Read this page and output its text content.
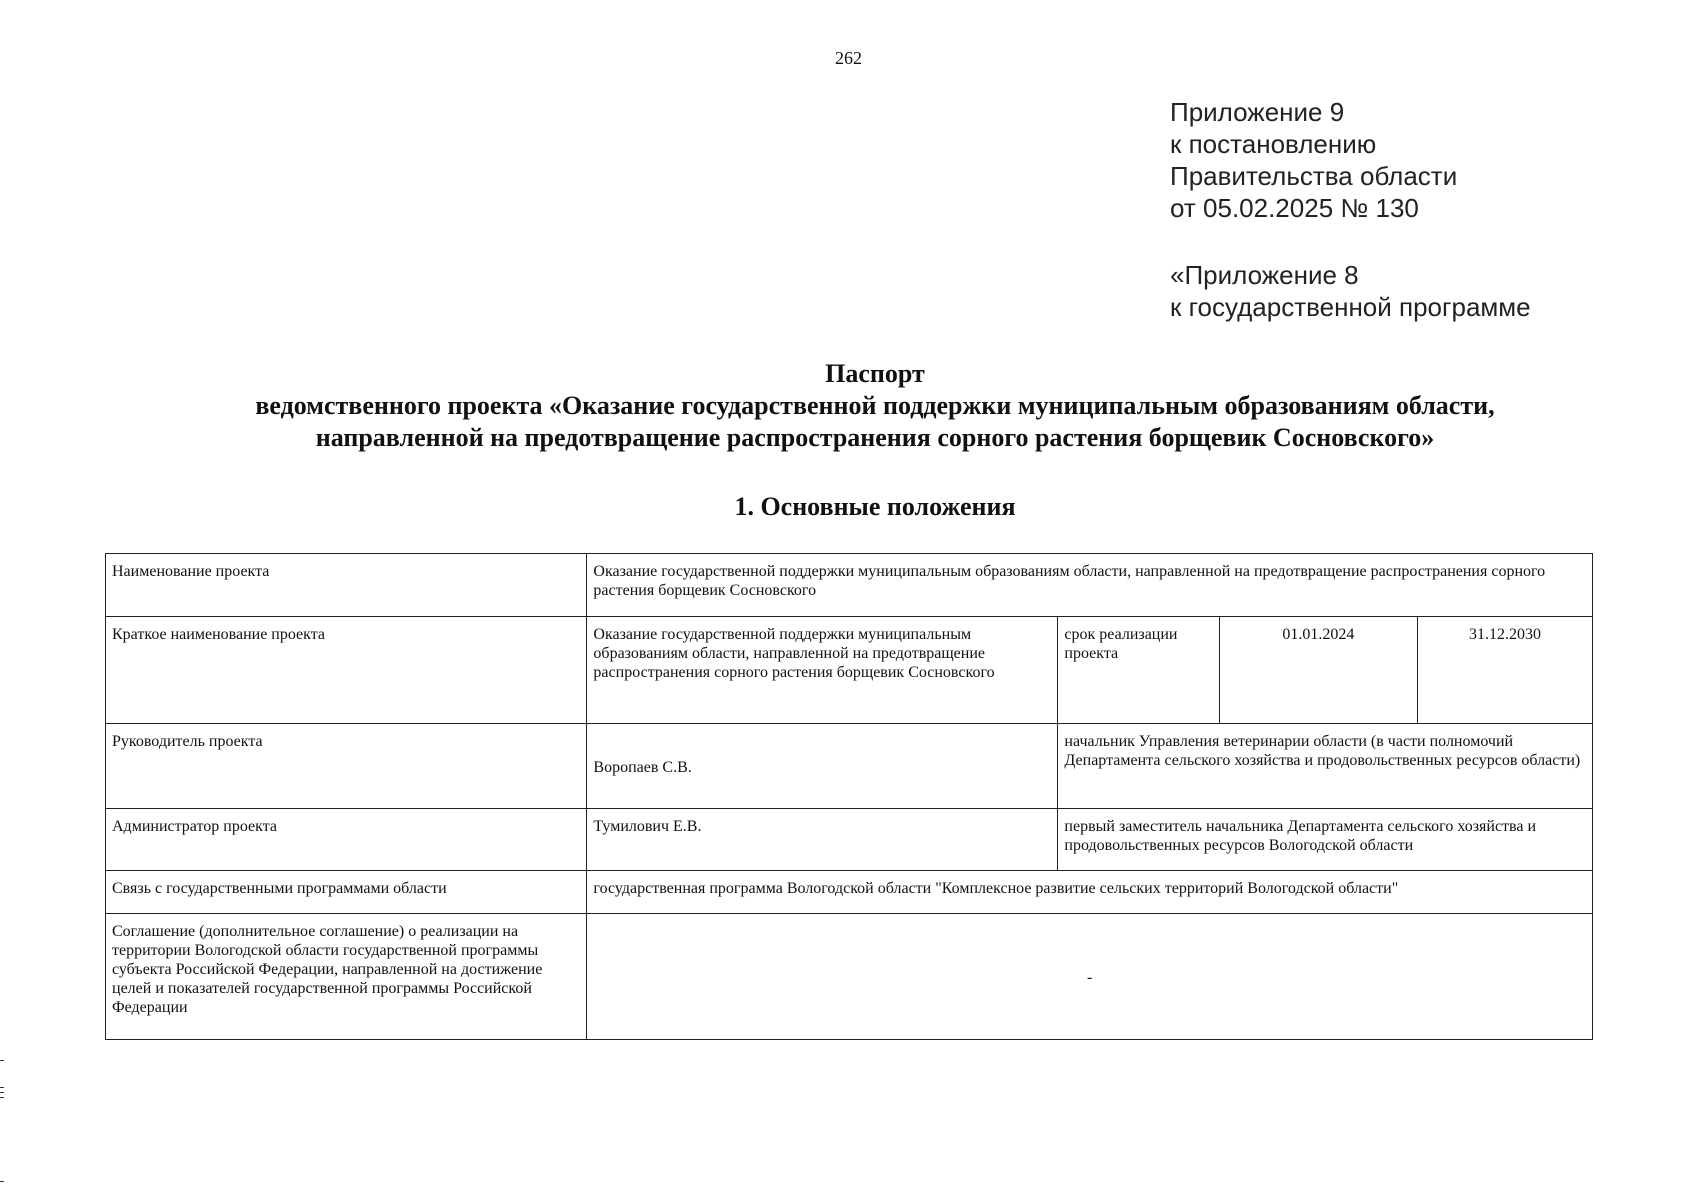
262
Приложение 9
к постановлению
Правительства области
от 05.02.2025 № 130
«Приложение 8
к государственной программе
Паспорт
ведомственного проекта «Оказание государственной поддержки муниципальным образованиям области,
направленной на предотвращение распространения сорного растения борщевик Сосновского»
1. Основные положения
Наименование проекта	Оказание государственной поддержки муниципальным образованиям области, направленной на предотвращение распространения сорного растения борщевик Сосновского			
Краткое наименование проекта	Оказание государственной поддержки муниципальным образованиям области, направленной на предотвращение распространения сорного растения борщевик Сосновского	срок реализации проекта	01.01.2024	31.12.2030
Руководитель проекта	Воропаев С.В.	начальник Управления ветеринарии области (в части полномочий Департамента сельского хозяйства и продовольственных ресурсов области)		
Администратор проекта	Тумилович Е.В.	первый заместитель начальника Департамента сельского хозяйства и продовольственных ресурсов Вологодской области		
Связь с государственными программами области	государственная программа Вологодской области "Комплексное развитие сельских территорий Вологодской области"			
Соглашение (дополнительное соглашение) о реализации на территории Вологодской области государственной программы субъекта Российской Федерации, направленной на достижение целей и показателей государственной программы Российской Федерации	-			
